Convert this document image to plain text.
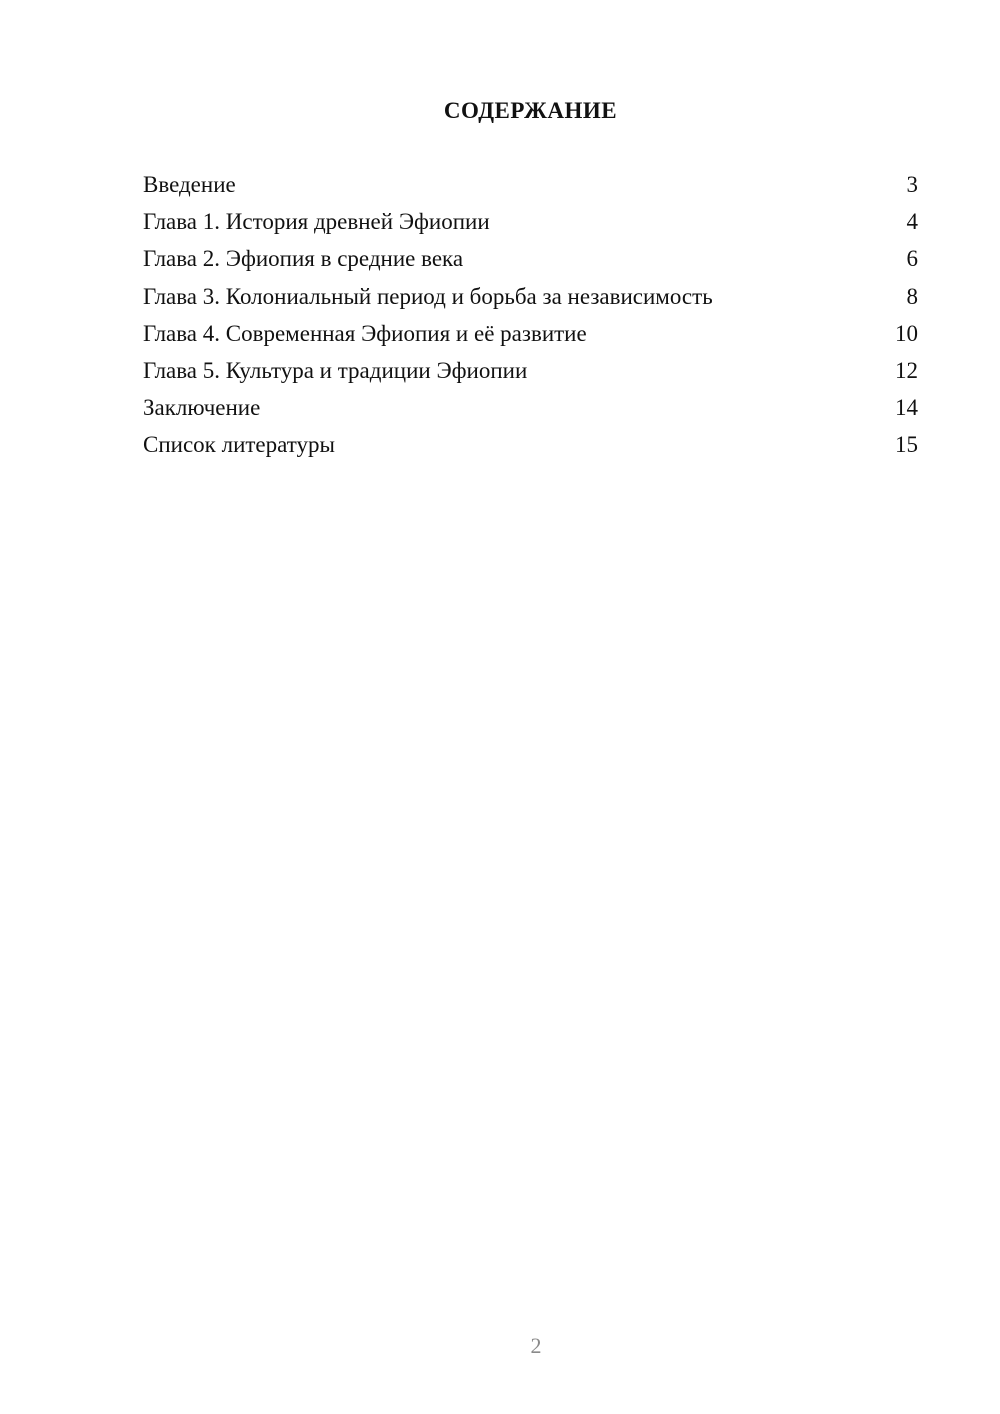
СОДЕРЖАНИЕ
Введение	3
Глава 1. История древней Эфиопии	4
Глава 2. Эфиопия в средние века	6
Глава 3. Колониальный период и борьба за независимость	8
Глава 4. Современная Эфиопия и её развитие	10
Глава 5. Культура и традиции Эфиопии	12
Заключение	14
Список литературы	15
2
